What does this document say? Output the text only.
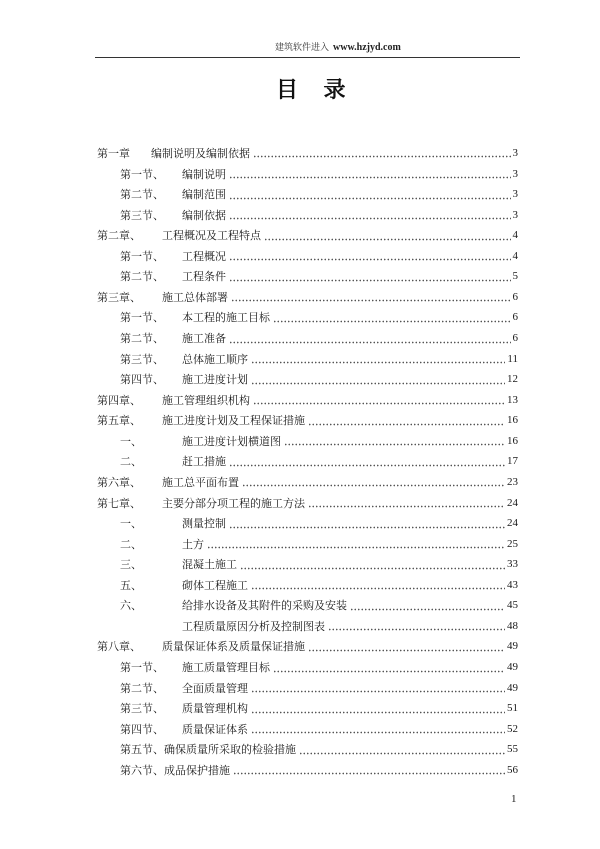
建筑软件进入 www.hzjyd.com
目 录
第一章 编制说明及编制依据	3
第一节、	编制说明	3
第二节、	编制范围	3
第三节、	编制依据	3
第二章、 工程概况及工程特点	4
第一节、	工程概况	4
第二节、	工程条件	5
第三章、 施工总体部署	6
第一节、	本工程的施工目标	6
第二节、	施工准备	6
第三节、	总体施工顺序	11
第四节、	施工进度计划	12
第四章、 施工管理组织机构	13
第五章、 施工进度计划及工程保证措施	16
一、	施工进度计划横道图	16
二、	赶工措施	17
第六章、 施工总平面布置	23
第七章、 主要分部分项工程的施工方法	24
一、	测量控制	24
二、	土方	25
三、	混凝土施工	33
五、	砌体工程施工	43
六、	给排水设备及其附件的采购及安装	45
工程质量原因分析及控制图表	48
第八章、 质量保证体系及质量保证措施	49
第一节、	施工质量管理目标	49
第二节、	全面质量管理	49
第三节、	质量管理机构	51
第四节、	质量保证体系	52
第五节、 确保质量所采取的检验措施	55
第六节、 成品保护措施	56
1
